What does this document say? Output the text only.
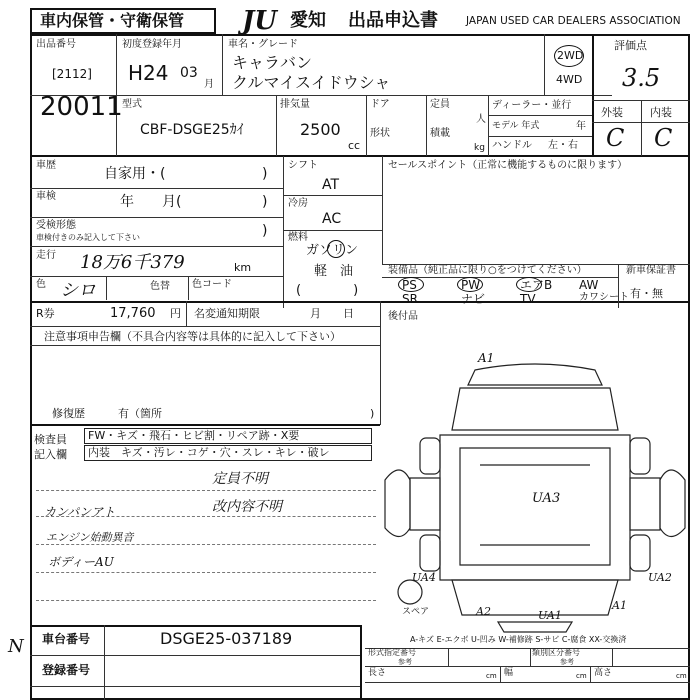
車内保管・守衛保管 JU 愛知 出品申込書	JAPAN USED CAR DEALERS ASSOCIATION
出品番号
[2112]
20011
初度登録年月
H24 03
月
車名・グレード
キャラバン
クルマイスイドウシャ
2WD
4WD
評価点
3.5
外装 内装
C C
型式
CBF-DSGE25ｶｲ
排気量
2500
cc
ドア
形状
定員
人
積載
kg
ディーラー・並行
モデル 年式	年
ハンドル 左・右
車歴
自家用・(	)
車検	年　　月(	)
受検形態
車検付きのみ記入して下さい	)
走行 18万6千379	km
色 シロ	色替 色コード
R券	17,760 円 名変通知期限	月　　日
シフト
AT
冷房
AC
燃料
ガソリン
軽　油
(　　　　)
セールスポイント（正常に機能するものに限ります）
装備品（純正品に限り○をつけてください）	新車保証書
有・無
後付品
注意事項申告欄（不具合内容等は具体的に記入して下さい）
修復歴	有（箇所	)
検査員 記入欄
FW・キズ・飛石・ヒビ割・リペア跡・X要
内装　キズ・汚レ・コゲ・穴・スレ・キレ・破レ
定員不明
改内容不明
カンパンアト
エンジン始動異音
ボディーAU
A1
UA3
UA4	UA2
A2	UA1
A1
スペア
A-キズ E-エクボ U-凹み W-補修跡 S-サビ C-腐食 XX-交換済
車台番号	DSGE25-037189
登録番号
形式指定番号
参考
類別区分番号
参考
長さ	cm 幅	cm 高さ	cm
N
PS	PW	エアB AW
SR	ナビ	TV	カワシート
